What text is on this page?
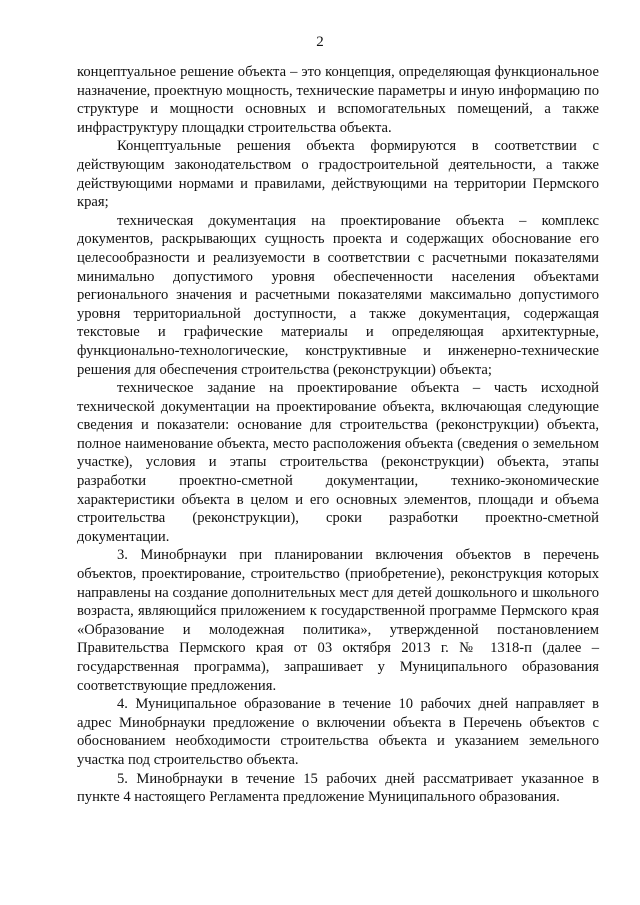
2

концептуальное решение объекта – это концепция, определяющая функциональное назначение, проектную мощность, технические параметры и иную информацию по структуре и мощности основных и вспомогательных помещений, а также инфраструктуру площадки строительства объекта.

Концептуальные решения объекта формируются в соответствии с действующим законодательством о градостроительной деятельности, а также действующими нормами и правилами, действующими на территории Пермского края;

техническая документация на проектирование объекта – комплекс документов, раскрывающих сущность проекта и содержащих обоснование его целесообразности и реализуемости в соответствии с расчетными показателями минимально допустимого уровня обеспеченности населения объектами регионального значения и расчетными показателями максимально допустимого уровня территориальной доступности, а также документация, содержащая текстовые и графические материалы и определяющая архитектурные, функционально-технологические, конструктивные и инженерно-технические решения для обеспечения строительства (реконструкции) объекта;

техническое задание на проектирование объекта – часть исходной технической документации на проектирование объекта, включающая следующие сведения и показатели: основание для строительства (реконструкции) объекта, полное наименование объекта, место расположения объекта (сведения о земельном участке), условия и этапы строительства (реконструкции) объекта, этапы разработки проектно-сметной документации, технико-экономические характеристики объекта в целом и его основных элементов, площади и объема строительства (реконструкции), сроки разработки проектно-сметной документации.

3. Минобрнауки при планировании включения объектов в перечень объектов, проектирование, строительство (приобретение), реконструкция которых направлены на создание дополнительных мест для детей дошкольного и школьного возраста, являющийся приложением к государственной программе Пермского края «Образование и молодежная политика», утвержденной постановлением Правительства Пермского края от 03 октября 2013 г. № 1318-п (далее – государственная программа), запрашивает у Муниципального образования соответствующие предложения.

4. Муниципальное образование в течение 10 рабочих дней направляет в адрес Минобрнауки предложение о включении объекта в Перечень объектов с обоснованием необходимости строительства объекта и указанием земельного участка под строительство объекта.

5. Минобрнауки в течение 15 рабочих дней рассматривает указанное в пункте 4 настоящего Регламента предложение Муниципального образования.
